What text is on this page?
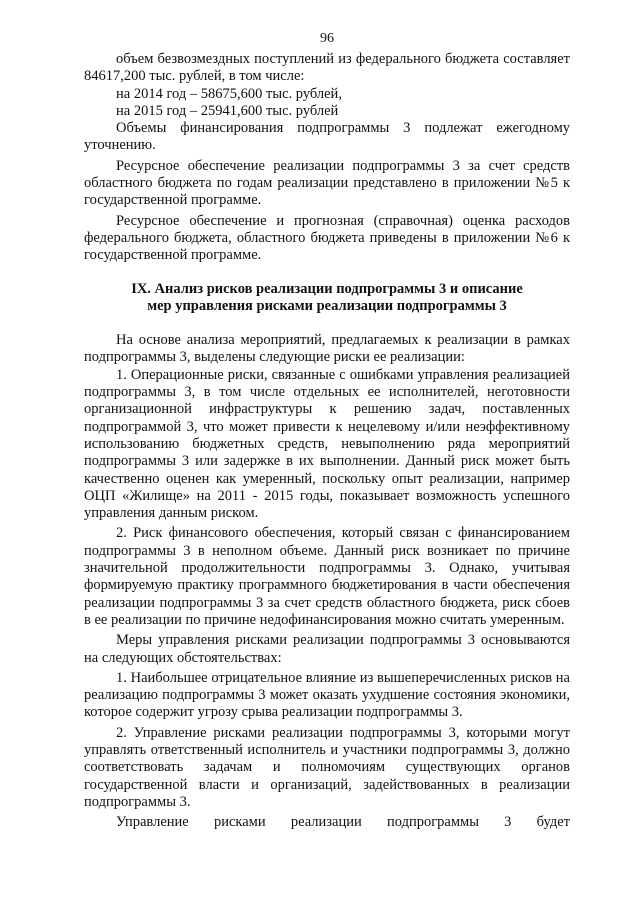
96

объем безвозмездных поступлений из федерального бюджета составляет 84617,200 тыс. рублей, в том числе:

на 2014 год – 58675,600 тыс. рублей,

на 2015 год – 25941,600 тыс. рублей

Объемы финансирования подпрограммы 3 подлежат ежегодному уточнению.

Ресурсное обеспечение реализации подпрограммы 3 за счет средств областного бюджета по годам реализации представлено в приложении №5 к государственной программе.

Ресурсное обеспечение и прогнозная (справочная) оценка расходов федерального бюджета, областного бюджета приведены в приложении №6 к государственной программе.

IX. Анализ рисков реализации подпрограммы 3 и описание
мер управления рисками реализации подпрограммы 3

На основе анализа мероприятий, предлагаемых к реализации в рамках подпрограммы 3, выделены следующие риски ее реализации:

1. Операционные риски, связанные с ошибками управления реализацией подпрограммы 3, в том числе отдельных ее исполнителей, неготовности организационной инфраструктуры к решению задач, поставленных подпрограммой 3, что может привести к нецелевому и/или неэффективному использованию бюджетных средств, невыполнению ряда мероприятий подпрограммы 3 или задержке в их выполнении. Данный риск может быть качественно оценен как умеренный, поскольку опыт реализации, например ОЦП «Жилище» на 2011 - 2015 годы, показывает возможность успешного управления данным риском.

2. Риск финансового обеспечения, который связан с финансированием подпрограммы 3 в неполном объеме. Данный риск возникает по причине значительной продолжительности подпрограммы 3. Однако, учитывая формируемую практику программного бюджетирования в части обеспечения реализации подпрограммы 3 за счет средств областного бюджета, риск сбоев в ее реализации по причине недофинансирования можно считать умеренным.

Меры управления рисками реализации подпрограммы 3 основываются на следующих обстоятельствах:

1. Наибольшее отрицательное влияние из вышеперечисленных рисков на реализацию подпрограммы 3 может оказать ухудшение состояния экономики, которое содержит угрозу срыва реализации подпрограммы 3.

2. Управление рисками реализации подпрограммы 3, которыми могут управлять ответственный исполнитель и участники подпрограммы 3, должно соответствовать задачам и полномочиям существующих органов государственной власти и организаций, задействованных в реализации подпрограммы 3.

Управление рисками реализации подпрограммы 3 будет
